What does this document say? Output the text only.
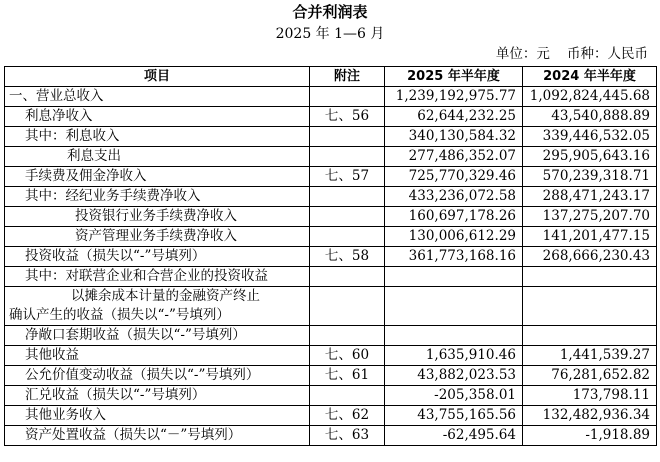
合并利润表
2025 年 1—6 月
单位：元    币种：人民币
项目	附注	2025 年半年度	2024 年半年度
一、营业总收入		1,239,192,975.77	1,092,824,445.68
利息净收入	七、56	62,644,232.25	43,540,888.89
其中：利息收入		340,130,584.32	339,446,532.05
利息支出		277,486,352.07	295,905,643.16
手续费及佣金净收入	七、57	725,770,329.46	570,239,318.71
其中：经纪业务手续费净收入		433,236,072.58	288,471,243.17
投资银行业务手续费净收入		160,697,178.26	137,275,207.70
资产管理业务手续费净收入		130,006,612.29	141,201,477.15
投资收益（损失以“-”号填列）	七、58	361,773,168.16	268,666,230.43
其中：对联营企业和合营企业的投资收益			

以摊余成本计量的金融资产终止
确认产生的收益（损失以“-”号填列）			

净敞口套期收益（损失以“-”号填列）			
其他收益	七、60	1,635,910.46	1,441,539.27
公允价值变动收益（损失以“-”号填列）	七、61	43,882,023.53	76,281,652.82
汇兑收益（损失以“-”号填列）		-205,358.01	173,798.11
其他业务收入	七、62	43,755,165.56	132,482,936.34
资产处置收益（损失以“－”号填列）	七、63	-62,495.64	-1,918.89
